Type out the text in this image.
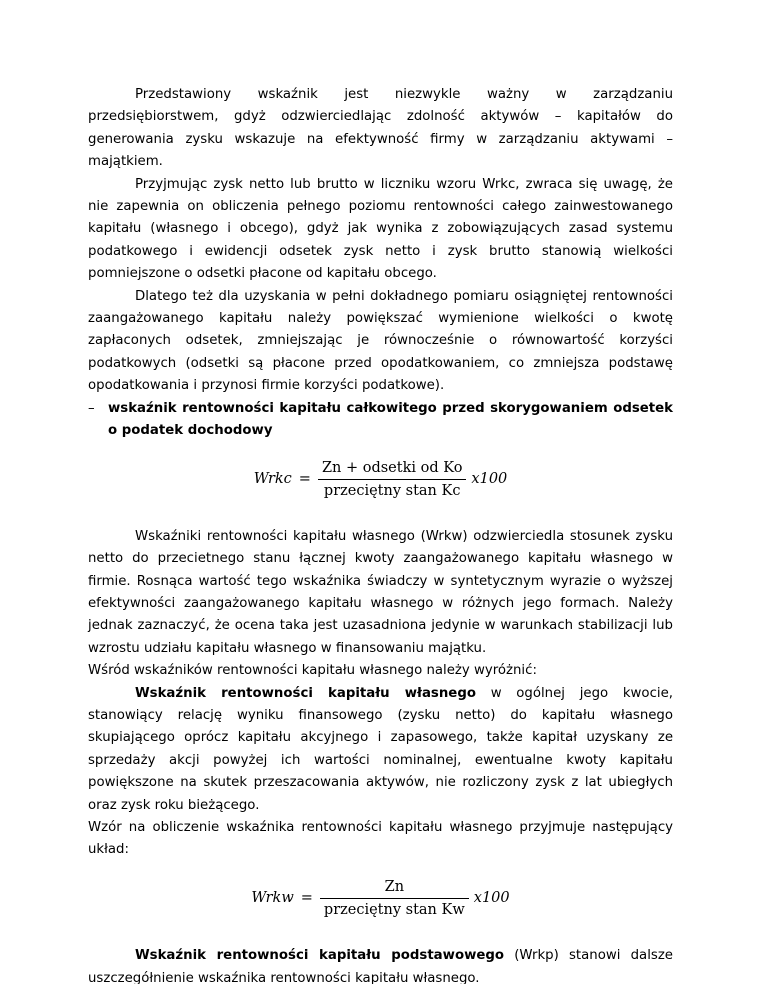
Przedstawiony wskaźnik jest niezwykle ważny w zarządzaniu przedsiębiorstwem, gdyż odzwierciedlając zdolność aktywów – kapitałów do generowania zysku wskazuje na efektywność firmy w zarządzaniu aktywami – majątkiem.

Przyjmując zysk netto lub brutto w liczniku wzoru Wrkc, zwraca się uwagę, że nie zapewnia on obliczenia pełnego poziomu rentowności całego zainwestowanego kapitału (własnego i obcego), gdyż jak wynika z zobowiązujących zasad systemu podatkowego i ewidencji odsetek zysk netto i zysk brutto stanowią wielkości pomniejszone o odsetki płacone od kapitału obcego.

Dlatego też dla uzyskania w pełni dokładnego pomiaru osiągniętej rentowności zaangażowanego kapitału należy powiększać wymienione wielkości o kwotę zapłaconych odsetek, zmniejszając je równocześnie o równowartość korzyści podatkowych (odsetki są płacone przed opodatkowaniem, co zmniejsza podstawę opodatkowania i przynosi firmie korzyści podatkowe).

– wskaźnik rentowności kapitału całkowitego przed skorygowaniem odsetek o podatek dochodowy

Wrkc = $\frac{\text{Zn + odsetki od Ko}}{\text{przeciętny stan Kc}} x100$

Wskaźniki rentowności kapitału własnego (Wrkw) odzwierciedla stosunek zysku netto do przecietnego stanu łącznej kwoty zaangażowanego kapitału własnego w firmie. Rosnąca wartość tego wskaźnika świadczy w syntetycznym wyrazie o wyższej efektywności zaangażowanego kapitału własnego w różnych jego formach. Należy jednak zaznaczyć, że ocena taka jest uzasadniona jedynie w warunkach stabilizacji lub wzrostu udziału kapitału własnego w finansowaniu majątku.

Wśród wskaźników rentowności kapitału własnego należy wyróżnić:

Wskaźnik rentowności kapitału własnego w ogólnej jego kwocie, stanowiący relację wyniku finansowego (zysku netto) do kapitału własnego skupiającego oprócz kapitału akcyjnego i zapasowego, także kapitał uzyskany ze sprzedaży akcji powyżej ich wartości nominalnej, ewentualne kwoty kapitału powiększone na skutek przeszacowania aktywów, nie rozliczony zysk z lat ubiegłych oraz zysk roku bieżącego.

Wzór na obliczenie wskaźnika rentowności kapitału własnego przyjmuje następujący układ:

Wrkw = $\frac{Zn}{\text{przeciętny stan Kw}} x100$

Wskaźnik rentowności kapitału podstawowego (Wrkp) stanowi dalsze uszczegółnienie wskaźnika rentowności kapitału własnego.
